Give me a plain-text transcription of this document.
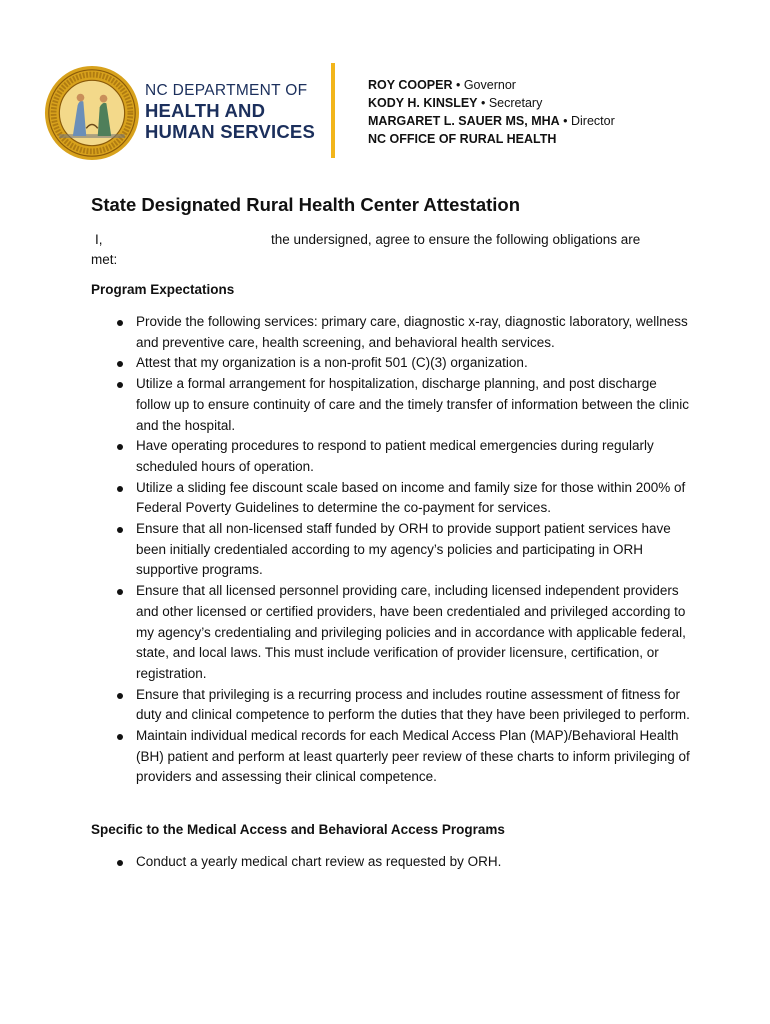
NC DEPARTMENT OF
HEALTH AND
HUMAN SERVICES
ROY COOPER • Governor
KODY H. KINSLEY • Secretary
MARGARET L. SAUER MS, MHA • Director
NC OFFICE OF RURAL HEALTH
State Designated Rural Health Center Attestation
I,	the undersigned, agree to ensure the following obligations are
met:
Program Expectations
Provide the following services: primary care, diagnostic x-ray, diagnostic laboratory, wellness and preventive care, health screening, and behavioral health services.
Attest that my organization is a non-profit 501 (C)(3) organization.
Utilize a formal arrangement for hospitalization, discharge planning, and post discharge follow up to ensure continuity of care and the timely transfer of information between the clinic and the hospital.
Have operating procedures to respond to patient medical emergencies during regularly scheduled hours of operation.
Utilize a sliding fee discount scale based on income and family size for those within 200% of Federal Poverty Guidelines to determine the co-payment for services.
Ensure that all non-licensed staff funded by ORH to provide support patient services have been initially credentialed according to my agency’s policies and participating in ORH supportive programs.
Ensure that all licensed personnel providing care, including licensed independent providers and other licensed or certified providers, have been credentialed and privileged according to my agency’s credentialing and privileging policies and in accordance with applicable federal, state, and local laws. This must include verification of provider licensure, certification, or registration.
Ensure that privileging is a recurring process and includes routine assessment of fitness for duty and clinical competence to perform the duties that they have been privileged to perform.
Maintain individual medical records for each Medical Access Plan (MAP)/Behavioral Health (BH) patient and perform at least quarterly peer review of these charts to inform privileging of providers and assessing their clinical competence.
Specific to the Medical Access and Behavioral Access Programs
Conduct a yearly medical chart review as requested by ORH.
